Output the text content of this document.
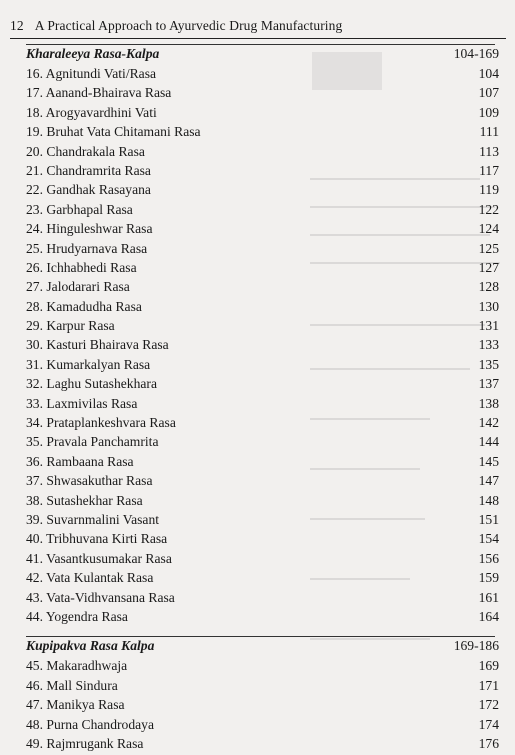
12 A Practical Approach to Ayurvedic Drug Manufacturing
Kharaleeya Rasa-Kalpa	104-169
16. Agnitundi Vati/Rasa	104
17. Aanand-Bhairava Rasa	107
18. Arogyavardhini Vati	109
19. Bruhat Vata Chitamani Rasa	111
20. Chandrakala Rasa	113
21. Chandramrita Rasa	117
22. Gandhak Rasayana	119
23. Garbhapal Rasa	122
24. Hinguleshwar Rasa	124
25. Hrudyarnava Rasa	125
26. Ichhabhedi Rasa	127
27. Jalodarari Rasa	128
28. Kamadudha Rasa	130
29. Karpur Rasa	131
30. Kasturi Bhairava Rasa	133
31. Kumarkalyan Rasa	135
32. Laghu Sutashekhara	137
33. Laxmivilas Rasa	138
34. Prataplankeshvara Rasa	142
35. Pravala Panchamrita	144
36. Rambaana Rasa	145
37. Shwasakuthar Rasa	147
38. Sutashekhar Rasa	148
39. Suvarnmalini Vasant	151
40. Tribhuvana Kirti Rasa	154
41. Vasantkusumakar Rasa	156
42. Vata Kulantak Rasa	159
43. Vata-Vidhvansana Rasa	161
44. Yogendra Rasa	164
Kupipakva Rasa Kalpa	169-186
45. Makaradhwaja	169
46. Mall Sindura	171
47. Manikya Rasa	172
48. Purna Chandrodaya	174
49. Rajmrugank Rasa	176
